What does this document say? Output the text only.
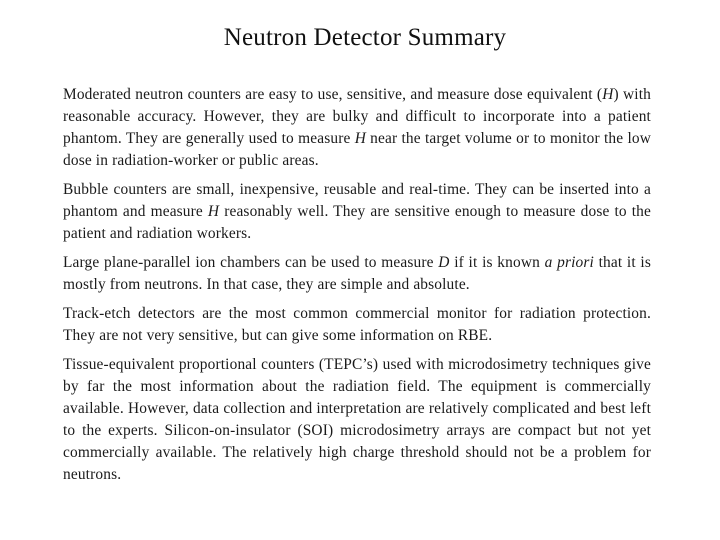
Neutron Detector Summary

Moderated neutron counters are easy to use, sensitive, and measure dose equivalent (H) with reasonable accuracy. However, they are bulky and difficult to incorporate into a patient phantom. They are generally used to measure H near the target volume or to monitor the low dose in radiation-worker or public areas.

Bubble counters are small, inexpensive, reusable and real-time. They can be inserted into a phantom and measure H reasonably well. They are sensitive enough to measure dose to the patient and radiation workers.

Large plane-parallel ion chambers can be used to measure D if it is known a priori that it is mostly from neutrons. In that case, they are simple and absolute.

Track-etch detectors are the most common commercial monitor for radiation protection. They are not very sensitive, but can give some information on RBE.

Tissue-equivalent proportional counters (TEPC’s) used with microdosimetry techniques give by far the most information about the radiation field. The equipment is commercially available. However, data collection and interpretation are relatively complicated and best left to the experts. Silicon-on-insulator (SOI) microdosimetry arrays are compact but not yet commercially available. The relatively high charge threshold should not be a problem for neutrons.
